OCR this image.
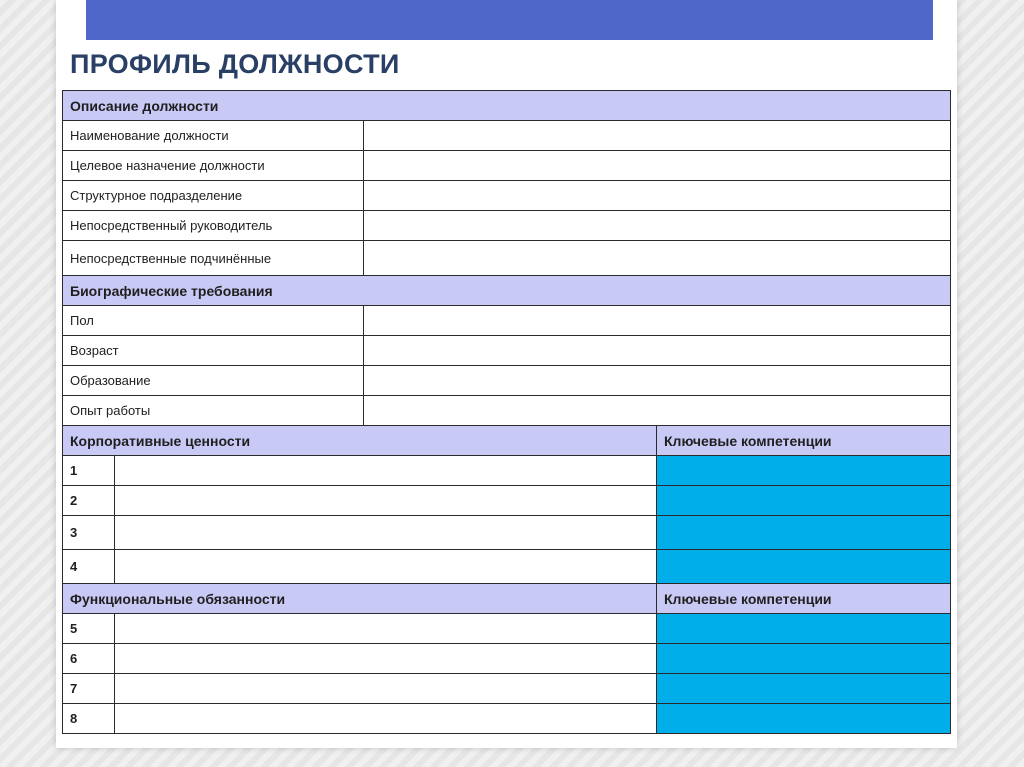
ПРОФИЛЬ ДОЛЖНОСТИ
Описание должности			
Наименование должности			
Целевое назначение должности			
Структурное подразделение			
Непосредственный руководитель			
Непосредственные подчинённые			
Биографические требования			
Пол			
Возраст			
Образование			
Опыт работы			
Корпоративные ценности			Ключевые компетенции
1			
2			
3			
4			
Функциональные обязанности			Ключевые компетенции
5			
6			
7			
8			
